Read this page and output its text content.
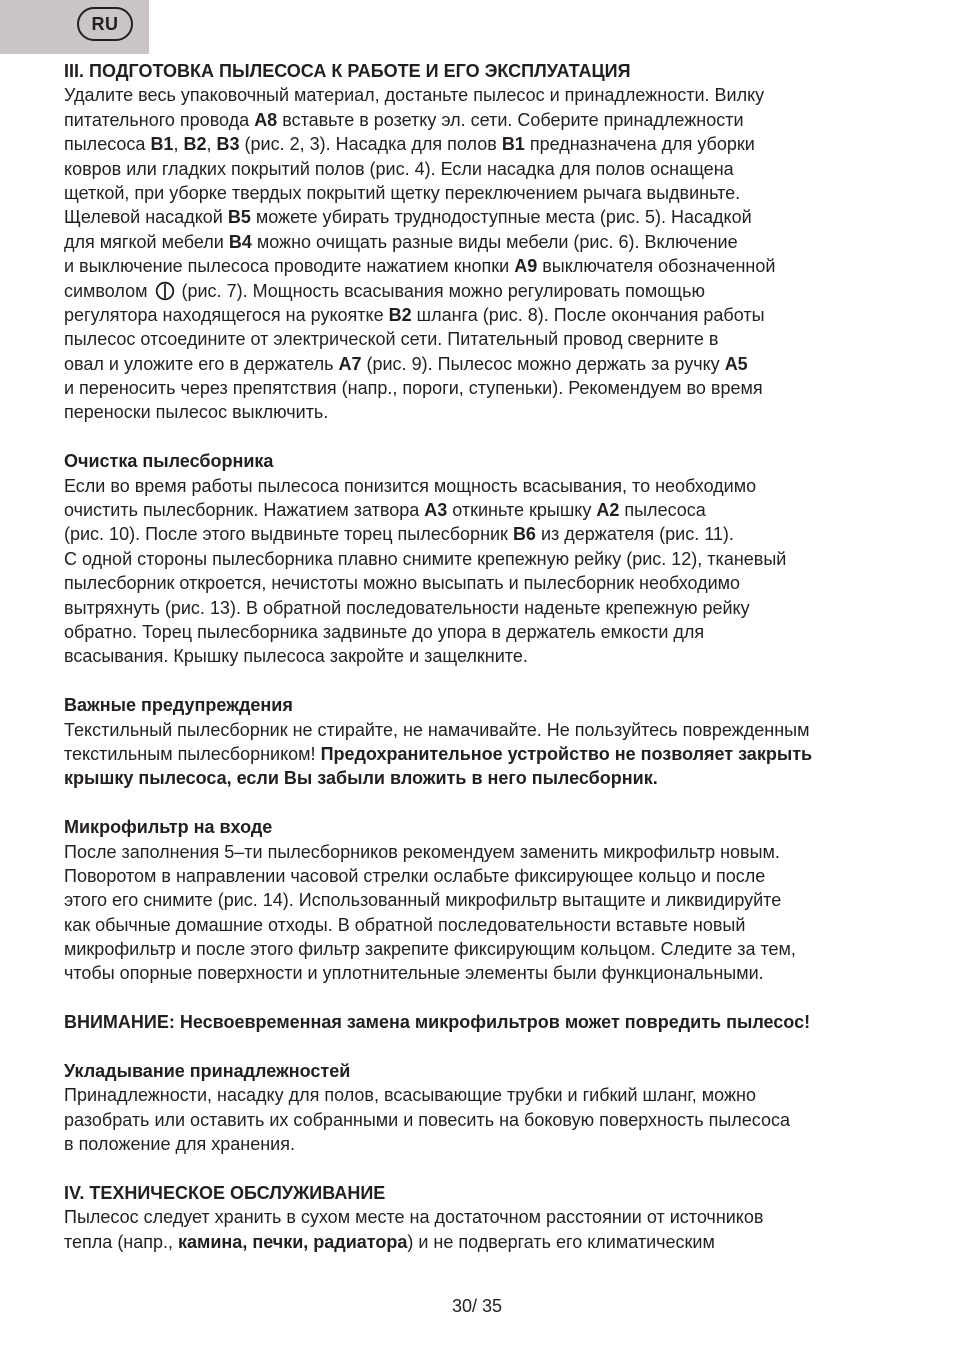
RU
III. ПОДГОТОВКА ПЫЛЕСОСА К РАБОТЕ И ЕГО ЭКСПЛУАТАЦИЯ
Удалите весь упаковочный материал, достаньте пылесос и принадлежности. Вилку
питательного провода A8 вставьте в розетку эл. сети. Соберите принадлежности
пылесоса B1, B2, B3 (рис. 2, 3). Насадка для полов B1 предназначена для уборки
ковров или гладких покрытий полов (рис. 4). Если насадка для полов оснащена
щеткой, при уборке твердых покрытий щетку переключением рычага выдвиньте.
Щелевой насадкой B5 можете убирать труднодоступные места (рис. 5). Насадкой
для мягкой мебели B4 можно очищать разные виды мебели (рис. 6). Включение
и выключение пылесоса проводите нажатием кнопки A9 выключателя обозначенной
символом  (рис. 7). Мощность всасывания можно регулировать помощью
регулятора находящегося на рукоятке B2 шланга (рис. 8). После окончания работы
пылесос отсоедините от электрической сети. Питательный провод сверните в
овал и уложите его в держатель A7 (рис. 9). Пылесос можно держать за ручку A5
и переносить через препятствия (напр., пороги, ступеньки). Рекомендуем во время
переноски пылесос выключить.
Очистка пылесборника
Если во время работы пылесоса понизится мощность всасывания, то необходимо
очистить пылесборник. Нажатием затвора A3 откиньте крышку A2 пылесоса
(рис. 10). После этого выдвиньте торец пылесборник B6 из держателя (рис. 11).
С одной стороны пылесборника плавно снимите крепежную рейку (рис. 12), тканевый
пылесборник откроется, нечистоты можно высыпать и пылесборник необходимо
вытряхнуть (рис. 13). В обратной последовательности наденьте крепежную рейку
обратно. Торец пылесборника задвиньте до упора в держатель емкости для
всасывания. Крышку пылесоса закройте и защелкните.
Важные предупреждения
Текстильный пылесборник не стирайте, не намачивайте. Не пользуйтесь поврежденным
текстильным пылесборником! Предохранительное устройство не позволяет закрыть
крышку пылесоса, если Вы забыли вложить в него пылесборник.
Микрофильтр на входе
После заполнения 5–ти пылесборников рекомендуем заменить микрофильтр новым.
Поворотом в направлении часовой стрелки ослабьте фиксирующее кольцо и после
этого его снимите (рис. 14). Использованный микрофильтр вытащите и ликвидируйте
как обычные домашние отходы. В обратной последовательности вставьте новый
микрофильтр и после этого фильтр закрепите фиксирующим кольцом. Следите за тем,
чтобы опорные поверхности и уплотнительные элементы были функциональными.
ВНИМАНИЕ: Несвоевременная замена микрофильтров может повредить пылесос!
Укладывание принадлежностей
Принадлежности, насадку для полов, всасывающие трубки и гибкий шланг, можно
разобрать или оставить их собранными и повесить на боковую поверхность пылесоса
в положение для хранения.
IV. ТЕХНИЧЕСКОЕ ОБСЛУЖИВАНИЕ
Пылесос следует хранить в сухом месте на достаточном расстоянии от источников
тепла (напр., камина, печки, радиатора) и не подвергать его климатическим
30/ 35
